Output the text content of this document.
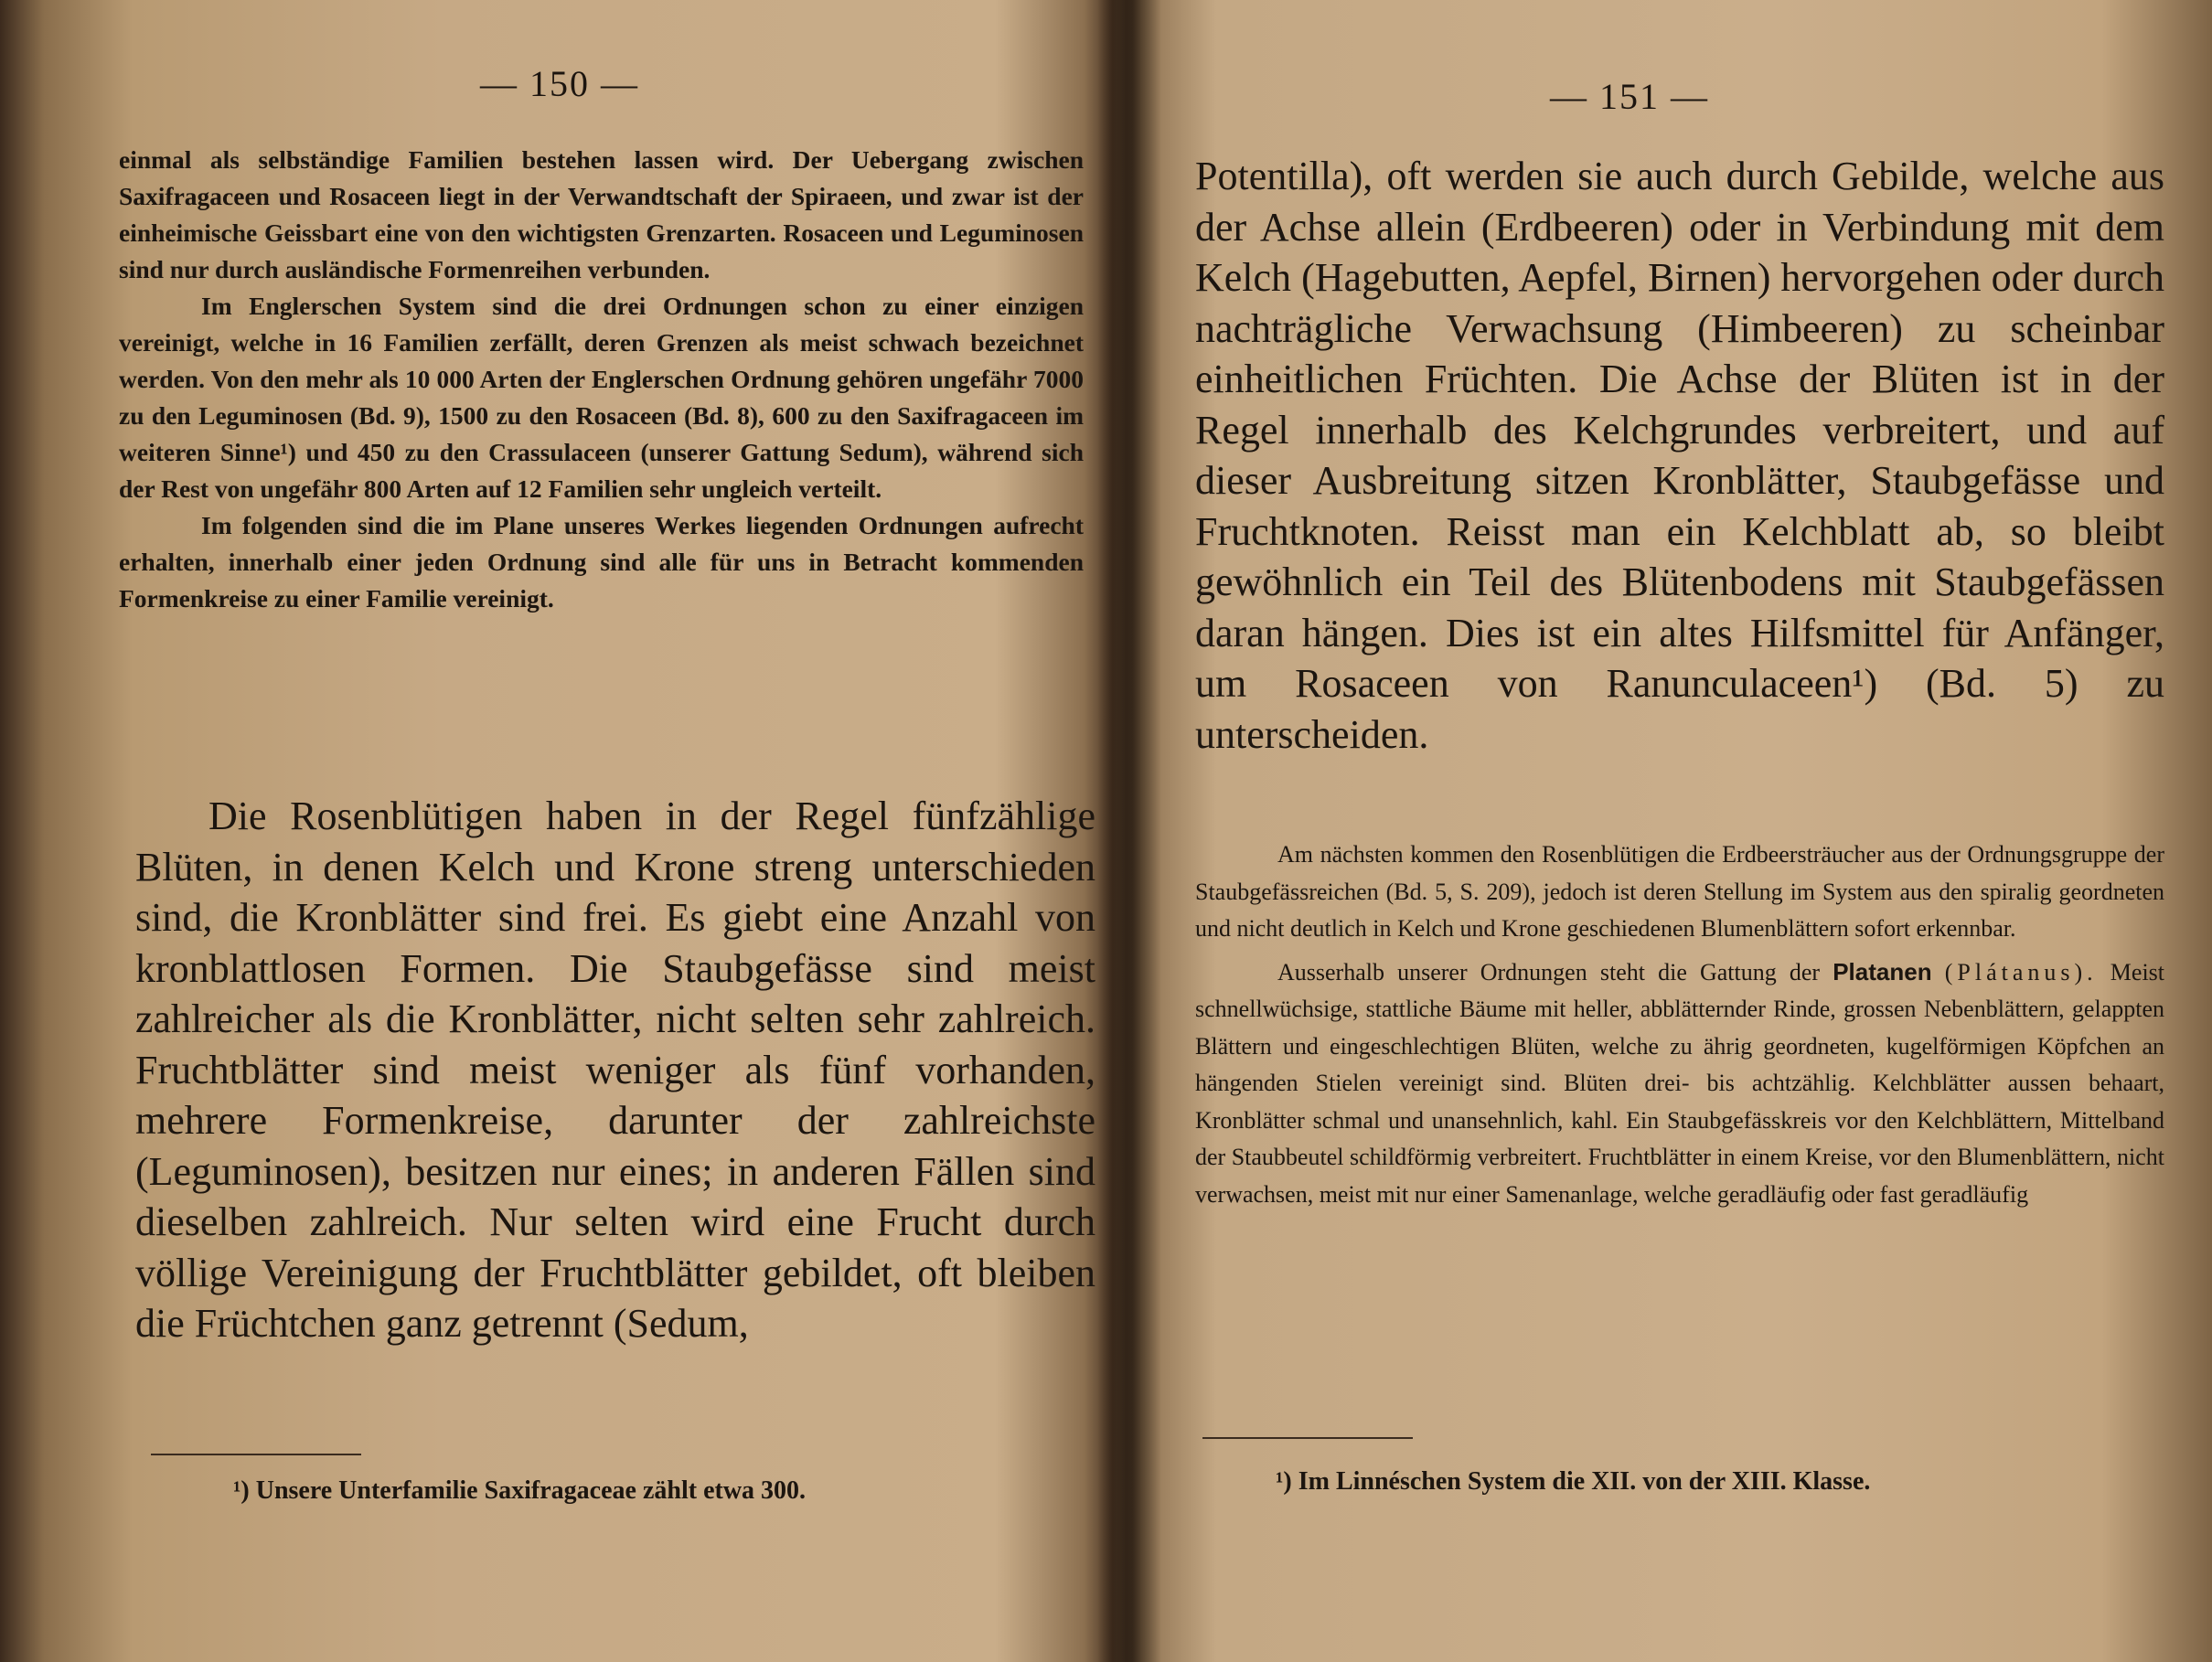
— 150 —

einmal als selbständige Familien bestehen lassen wird. Der Uebergang zwischen Saxifragaceen und Rosaceen liegt in der Verwandtschaft der Spiraeen, und zwar ist der einheimische Geissbart eine von den wichtigsten Grenzarten. Rosaceen und Leguminosen sind nur durch ausländische Formenreihen verbunden.

Im Englerschen System sind die drei Ordnungen schon zu einer einzigen vereinigt, welche in 16 Familien zerfällt, deren Grenzen als meist schwach bezeichnet werden. Von den mehr als 10 000 Arten der Englerschen Ordnung gehören ungefähr 7000 zu den Leguminosen (Bd. 9), 1500 zu den Rosaceen (Bd. 8), 600 zu den Saxifragaceen im weiteren Sinne¹) und 450 zu den Crassulaceen (unserer Gattung Sedum), während sich der Rest von ungefähr 800 Arten auf 12 Familien sehr ungleich verteilt.

Im folgenden sind die im Plane unseres Werkes liegenden Ordnungen aufrecht erhalten, innerhalb einer jeden Ordnung sind alle für uns in Betracht kommenden Formenkreise zu einer Familie vereinigt.

Die Rosenblütigen haben in der Regel fünfzählige Blüten, in denen Kelch und Krone streng unterschieden sind, die Kronblätter sind frei. Es giebt eine Anzahl von kronblattlosen Formen. Die Staubgefässe sind meist zahlreicher als die Kronblätter, nicht selten sehr zahlreich. Fruchtblätter sind meist weniger als fünf vorhanden, mehrere Formenkreise, darunter der zahlreichste (Leguminosen), besitzen nur eines; in anderen Fällen sind dieselben zahlreich. Nur selten wird eine Frucht durch völlige Vereinigung der Fruchtblätter gebildet, oft bleiben die Früchtchen ganz getrennt (Sedum,

¹) Unsere Unterfamilie Saxifragaceae zählt etwa 300.
— 151 —

Potentilla), oft werden sie auch durch Gebilde, welche aus der Achse allein (Erdbeeren) oder in Verbindung mit dem Kelch (Hagebutten, Aepfel, Birnen) hervorgehen oder durch nachträgliche Verwachsung (Himbeeren) zu scheinbar einheitlichen Früchten. Die Achse der Blüten ist in der Regel innerhalb des Kelchgrundes verbreitert, und auf dieser Ausbreitung sitzen Kronblätter, Staubgefässe und Fruchtknoten. Reisst man ein Kelchblatt ab, so bleibt gewöhnlich ein Teil des Blütenbodens mit Staubgefässen daran hängen. Dies ist ein altes Hilfsmittel für Anfänger, um Rosaceen von Ranunculaceen¹) (Bd. 5) zu unterscheiden.

Am nächsten kommen den Rosenblütigen die Erdbeersträucher aus der Ordnungsgruppe der Staubgefässreichen (Bd. 5, S. 209), jedoch ist deren Stellung im System aus den spiralig geordneten und nicht deutlich in Kelch und Krone geschiedenen Blumenblättern sofort erkennbar.

Ausserhalb unserer Ordnungen steht die Gattung der Platanen (Plátanus). Meist schnellwüchsige, stattliche Bäume mit heller, abblätternder Rinde, grossen Nebenblättern, gelappten Blättern und eingeschlechtigen Blüten, welche zu ährig geordneten, kugelförmigen Köpfchen an hängenden Stielen vereinigt sind. Blüten drei- bis achtzählig. Kelchblätter aussen behaart, Kronblätter schmal und unansehnlich, kahl. Ein Staubgefässkreis vor den Kelchblättern, Mittelband der Staubbeutel schildförmig verbreitert. Fruchtblätter in einem Kreise, vor den Blumenblättern, nicht verwachsen, meist mit nur einer Samenanlage, welche geradläufig oder fast geradläufig

¹) Im Linnéschen System die XII. von der XIII. Klasse.
